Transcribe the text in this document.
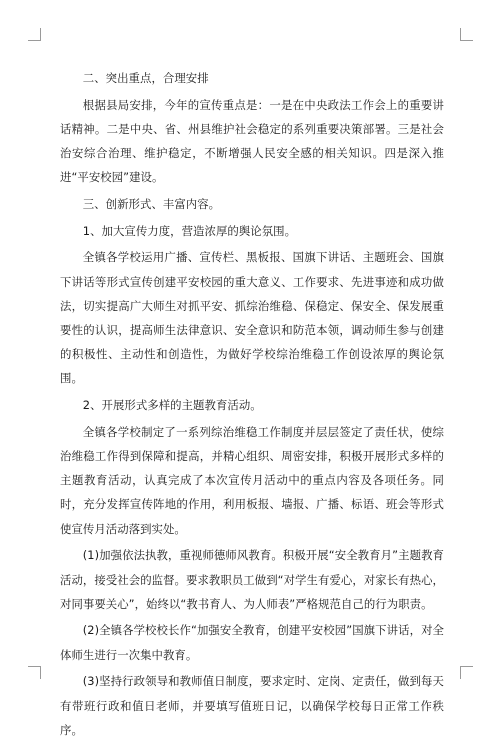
二、突出重点，合理安排

根据县局安排，今年的宣传重点是：一是在中央政法工作会上的重要讲话精神。二是中央、省、州县维护社会稳定的系列重要决策部署。三是社会治安综合治理、维护稳定，不断增强人民安全感的相关知识。四是深入推进“平安校园”建设。

三、创新形式、丰富内容。

1、加大宣传力度，营造浓厚的舆论氛围。

全镇各学校运用广播、宣传栏、黑板报、国旗下讲话、主题班会、国旗下讲话等形式宣传创建平安校园的重大意义、工作要求、先进事迹和成功做法，切实提高广大师生对抓平安、抓综治维稳、保稳定、保安全、保发展重要性的认识，提高师生法律意识、安全意识和防范本领，调动师生参与创建的积极性、主动性和创造性，为做好学校综治维稳工作创设浓厚的舆论氛围。

2、开展形式多样的主题教育活动。

全镇各学校制定了一系列综治维稳工作制度并层层签定了责任状，使综治维稳工作得到保障和提高，并精心组织、周密安排，积极开展形式多样的主题教育活动，认真完成了本次宣传月活动中的重点内容及各项任务。同时，充分发挥宣传阵地的作用，利用板报、墙报、广播、标语、班会等形式使宣传月活动落到实处。

(1)加强依法执教，重视师德师风教育。积极开展“安全教育月”主题教育活动，接受社会的监督。要求教职员工做到“对学生有爱心，对家长有热心，对同事要关心”，始终以“教书育人、为人师表”严格规范自己的行为职责。

(2)全镇各学校校长作“加强安全教育，创建平安校园”国旗下讲话，对全体师生进行一次集中教育。

(3)坚持行政领导和教师值日制度，要求定时、定岗、定责任，做到每天有带班行政和值日老师，并要填写值班日记，以确保学校每日正常工作秩序。
